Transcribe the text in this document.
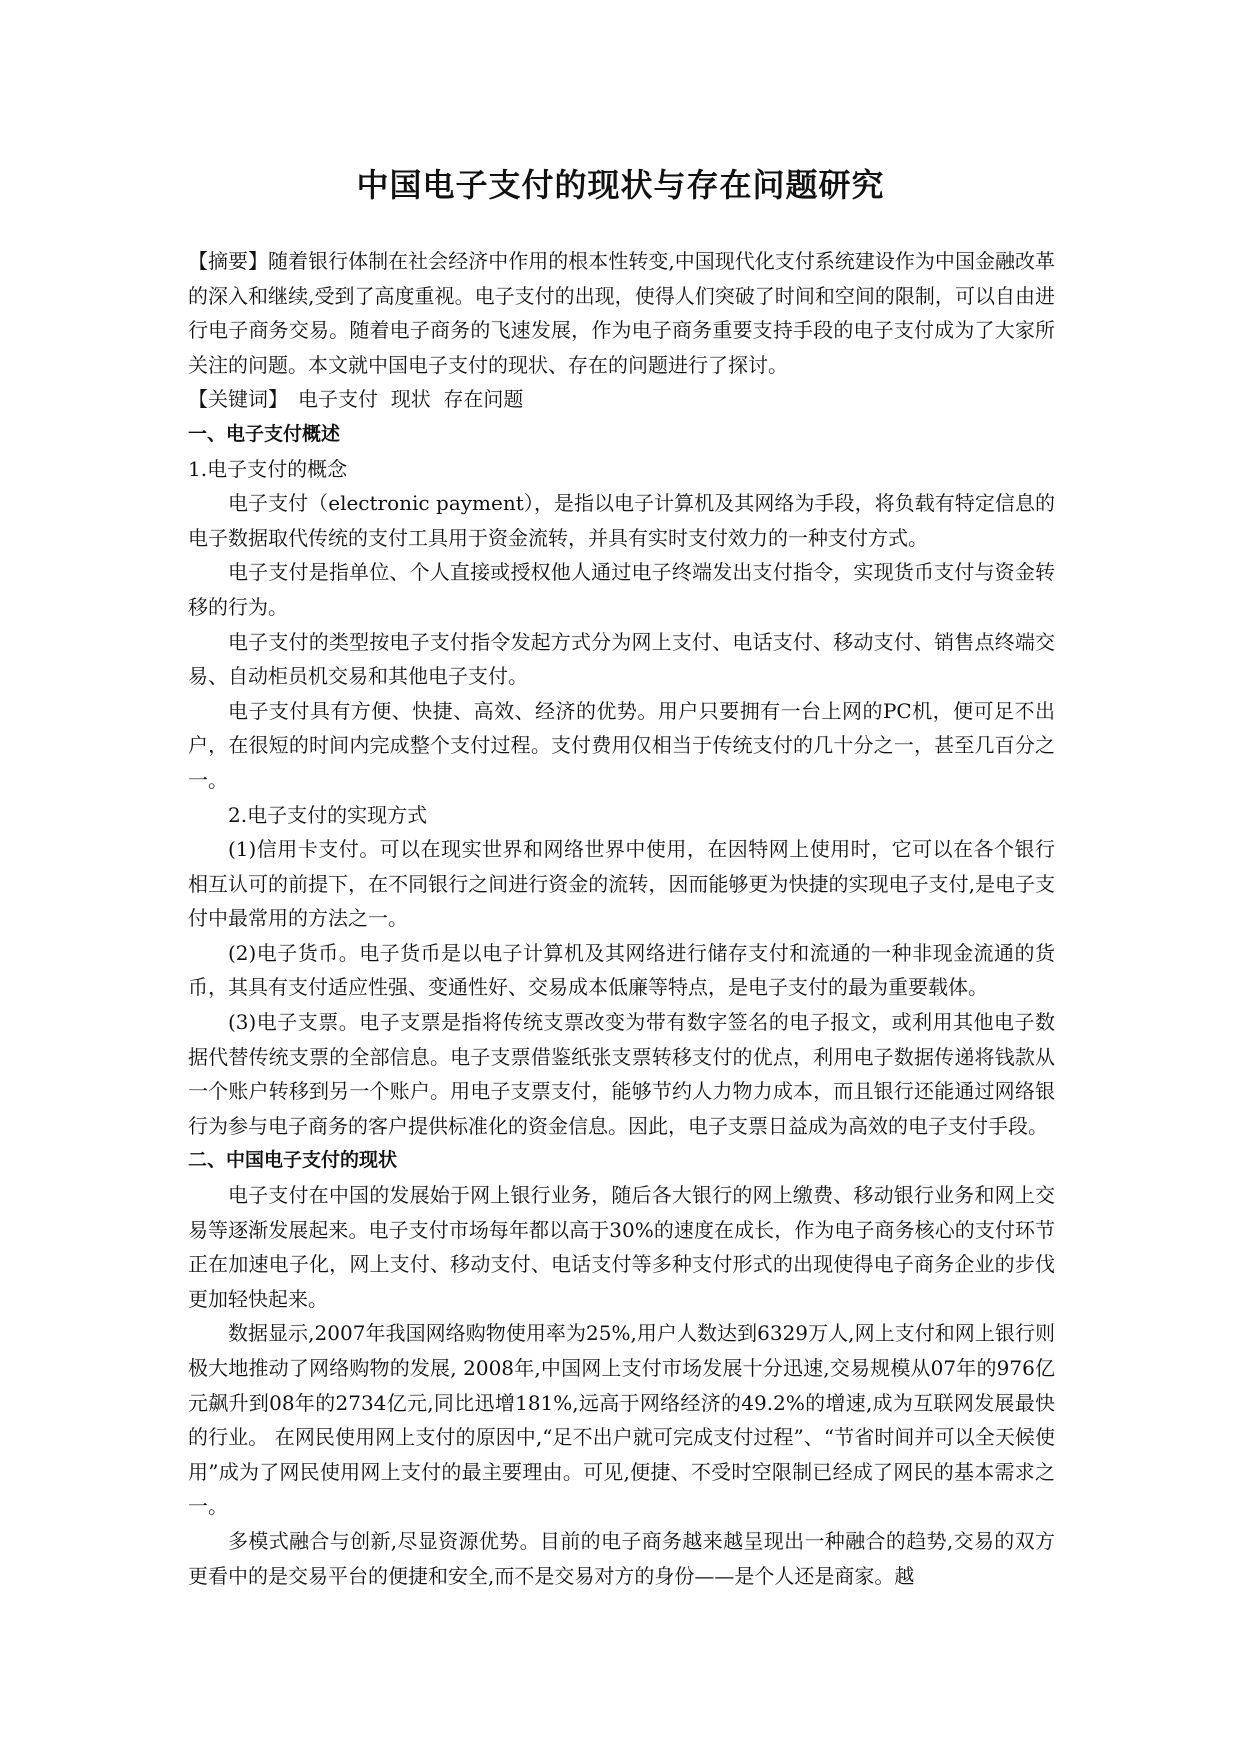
中国电子支付的现状与存在问题研究

【摘要】随着银行体制在社会经济中作用的根本性转变,中国现代化支付系统建设作为中国金融改革的深入和继续,受到了高度重视。电子支付的出现，使得人们突破了时间和空间的限制，可以自由进行电子商务交易。随着电子商务的飞速发展，作为电子商务重要支持手段的电子支付成为了大家所关注的问题。本文就中国电子支付的现状、存在的问题进行了探讨。

【关键词】 电子支付  现状  存在问题

一、电子支付概述

1.电子支付的概念

电子支付（electronic payment），是指以电子计算机及其网络为手段，将负载有特定信息的电子数据取代传统的支付工具用于资金流转，并具有实时支付效力的一种支付方式。

电子支付是指单位、个人直接或授权他人通过电子终端发出支付指令，实现货币支付与资金转移的行为。

电子支付的类型按电子支付指令发起方式分为网上支付、电话支付、移动支付、销售点终端交易、自动柜员机交易和其他电子支付。

电子支付具有方便、快捷、高效、经济的优势。用户只要拥有一台上网的PC机，便可足不出户，在很短的时间内完成整个支付过程。支付费用仅相当于传统支付的几十分之一，甚至几百分之一。

2.电子支付的实现方式

(1)信用卡支付。可以在现实世界和网络世界中使用，在因特网上使用时，它可以在各个银行相互认可的前提下，在不同银行之间进行资金的流转，因而能够更为快捷的实现电子支付,是电子支付中最常用的方法之一。

(2)电子货币。电子货币是以电子计算机及其网络进行储存支付和流通的一种非现金流通的货币，其具有支付适应性强、变通性好、交易成本低廉等特点，是电子支付的最为重要载体。

(3)电子支票。电子支票是指将传统支票改变为带有数字签名的电子报文，或利用其他电子数据代替传统支票的全部信息。电子支票借鉴纸张支票转移支付的优点，利用电子数据传递将钱款从一个账户转移到另一个账户。用电子支票支付，能够节约人力物力成本，而且银行还能通过网络银行为参与电子商务的客户提供标准化的资金信息。因此，电子支票日益成为高效的电子支付手段。

二、中国电子支付的现状

电子支付在中国的发展始于网上银行业务，随后各大银行的网上缴费、移动银行业务和网上交易等逐渐发展起来。电子支付市场每年都以高于30%的速度在成长，作为电子商务核心的支付环节正在加速电子化，网上支付、移动支付、电话支付等多种支付形式的出现使得电子商务企业的步伐更加轻快起来。

数据显示,2007年我国网络购物使用率为25%,用户人数达到6329万人,网上支付和网上银行则极大地推动了网络购物的发展, 2008年,中国网上支付市场发展十分迅速,交易规模从07年的976亿元飙升到08年的2734亿元,同比迅增181%,远高于网络经济的49.2%的增速,成为互联网发展最快的行业。 在网民使用网上支付的原因中,“足不出户就可完成支付过程”、“节省时间并可以全天候使用”成为了网民使用网上支付的最主要理由。可见,便捷、不受时空限制已经成了网民的基本需求之一。

多模式融合与创新,尽显资源优势。目前的电子商务越来越呈现出一种融合的趋势,交易的双方更看中的是交易平台的便捷和安全,而不是交易对方的身份——是个人还是商家。越
